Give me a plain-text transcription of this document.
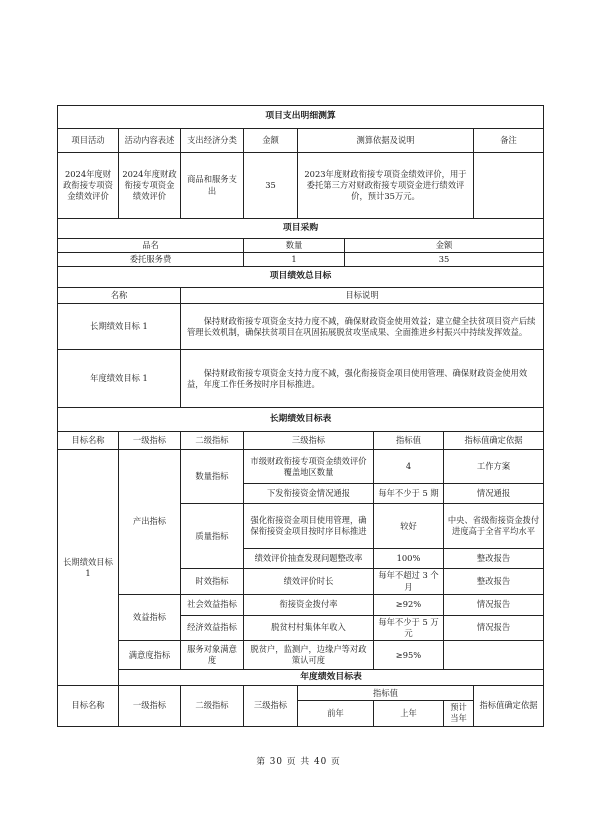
项目支出明细测算								
项目活动	活动内容表述	支出经济分类	金额	测算依据及说明				备注
2024年度财政衔接专项资金绩效评价	2024年度财政衔接专项资金绩效评价	商品和服务支出	35	2023年度财政衔接专项资金绩效评价，用于委托第三方对财政衔接专项资金进行绩效评价，预计35万元。				
项目采购								
品名			数量		金额			
委托服务费			1		35			
项目绩效总目标								
名称		目标说明						
长期绩效目标 1		保持财政衔接专项资金支持力度不减，确保财政资金使用效益；建立健全扶贫项目资产后续管理长效机制，确保扶贫项目在巩固拓展脱贫攻坚成果、全面推进乡村振兴中持续发挥效益。						
年度绩效目标 1		保持财政衔接专项资金支持力度不减，强化衔接资金项目使用管理、确保财政资金使用效益，年度工作任务按时序目标推进。						
长期绩效目标表								
目标名称	一级指标	二级指标	三级指标			指标值	指标值确定依据	
长期绩效目标 1	产出指标	数量指标	市级财政衔接专项资金绩效评价覆盖地区数量			4	工作方案	
			下发衔接资金情况通报			每年不少于 5 期	情况通报	
		质量指标	强化衔接资金项目使用管理，确保衔接资金项目按时序目标推进			较好	中央、省级衔接资金拨付进度高于全省平均水平	
			绩效评价抽查发现问题整改率			100%	整改报告	
		时效指标	绩效评价时长			每年不超过 3 个月	整改报告	
	效益指标	社会效益指标	衔接资金拨付率			≥92%	情况报告	
		经济效益指标	脱贫村村集体年收入			每年不少于 5 万元	情况报告	
	满意度指标	服务对象满意度	脱贫户，监测户，边缘户等对政策认可度			≥95%		
	年度绩效目标表							
目标名称	一级指标	二级指标	三级指标	指标值				指标值确定依据
				前年		上年	预计当年	
第 30 页 共 40 页
